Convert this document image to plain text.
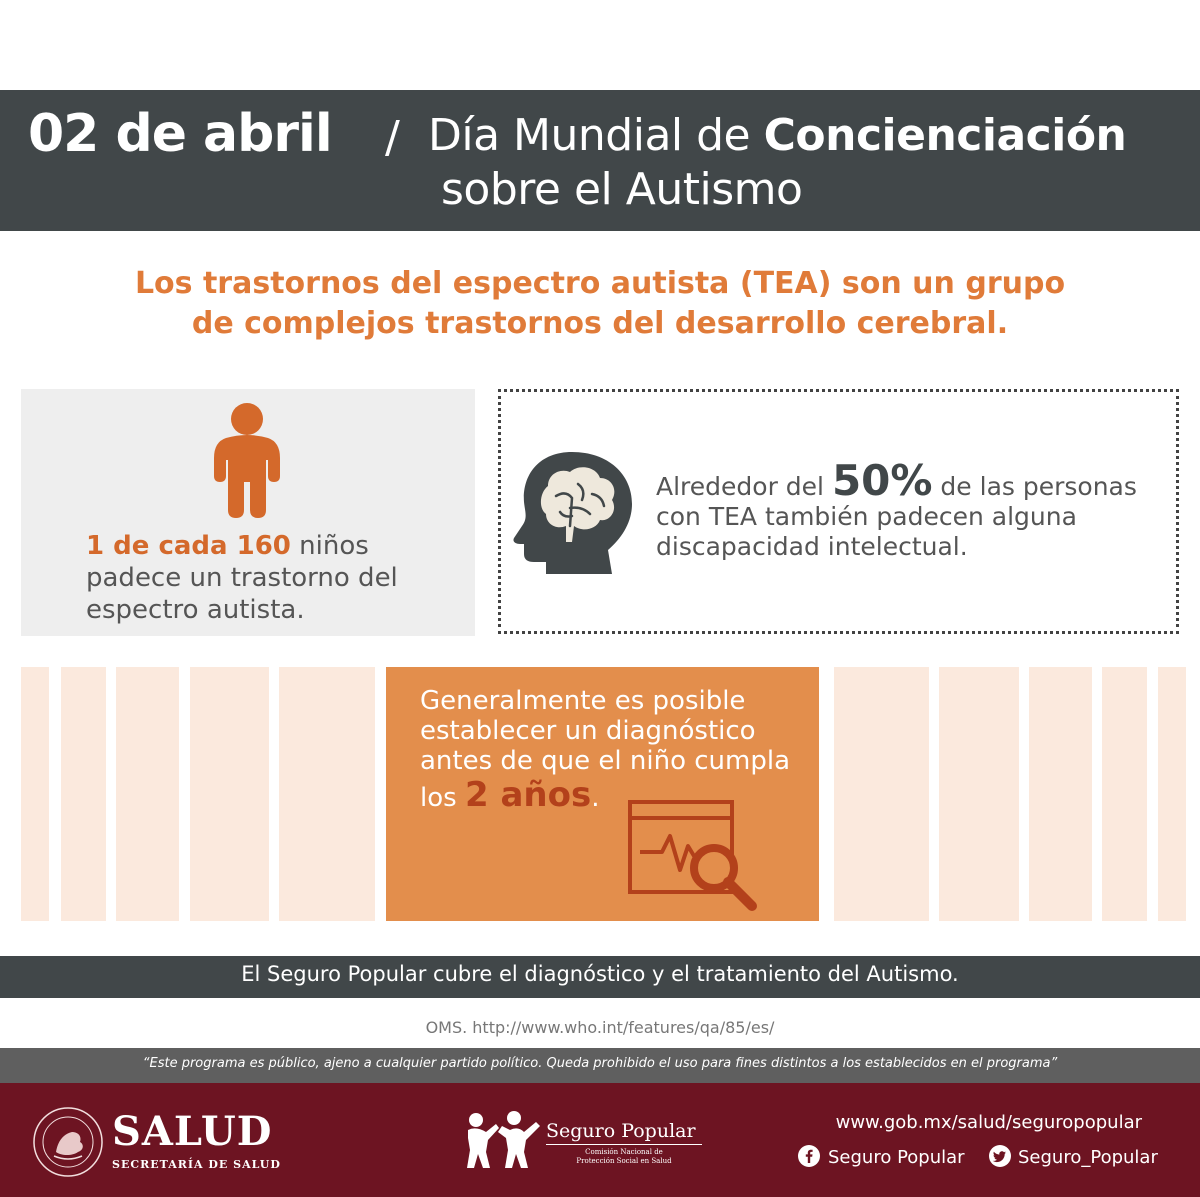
02 de abril / Día Mundial de Concienciación
sobre el Autismo
Los trastornos del espectro autista (TEA) son un grupo
de complejos trastornos del desarrollo cerebral.
1 de cada 160 niños
padece un trastorno del
espectro autista.
Alrededor del 50% de las personas
con TEA también padecen alguna
discapacidad intelectual.
Generalmente es posible
establecer un diagnóstico
antes de que el niño cumpla
los 2 años.
El Seguro Popular cubre el diagnóstico y el tratamiento del Autismo.
OMS. http://www.who.int/features/qa/85/es/
“Este programa es público, ajeno a cualquier partido político. Queda prohibido el uso para fines distintos a los establecidos en el programa”
SALUD
SECRETARÍA DE SALUD
Seguro Popular
Comisión Nacional de
Protección Social en Salud
www.gob.mx/salud/seguropopular
Seguro Popular	Seguro_Popular
